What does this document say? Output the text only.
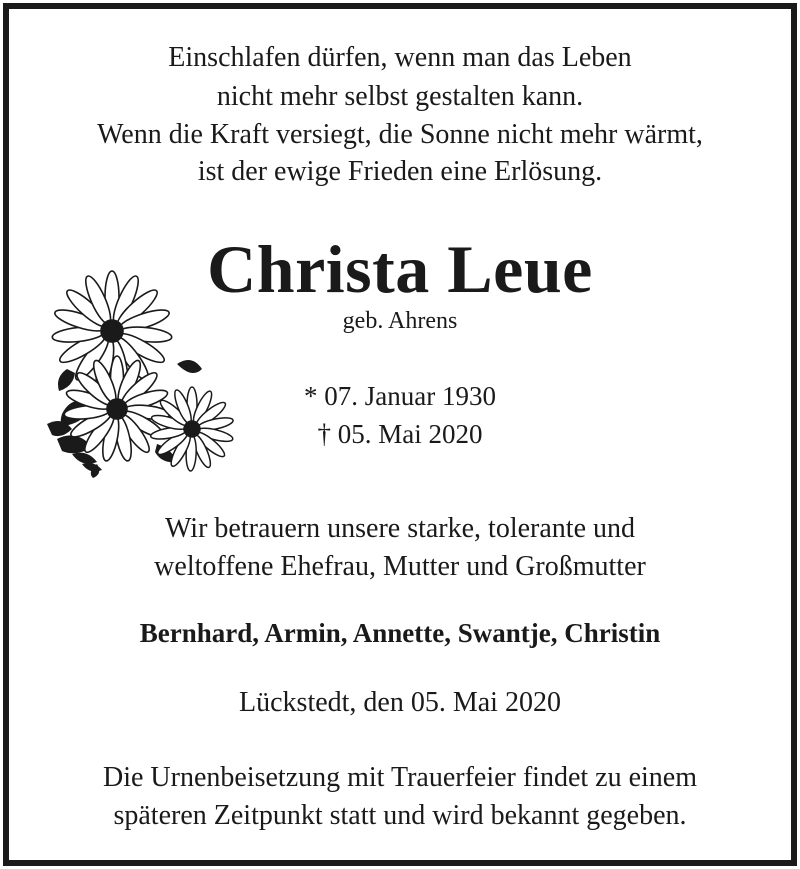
Einschlafen dürfen, wenn man das Leben
nicht mehr selbst gestalten kann.
Wenn die Kraft versiegt, die Sonne nicht mehr wärmt,
ist der ewige Frieden eine Erlösung.
Christa Leue
geb. Ahrens
* 07. Januar 1930
† 05. Mai 2020
Wir betrauern unsere starke, tolerante und
weltoffene Ehefrau, Mutter und Großmutter
Bernhard, Armin, Annette, Swantje, Christin
Lückstedt, den 05. Mai 2020
Die Urnenbeisetzung mit Trauerfeier findet zu einem
späteren Zeitpunkt statt und wird bekannt gegeben.
